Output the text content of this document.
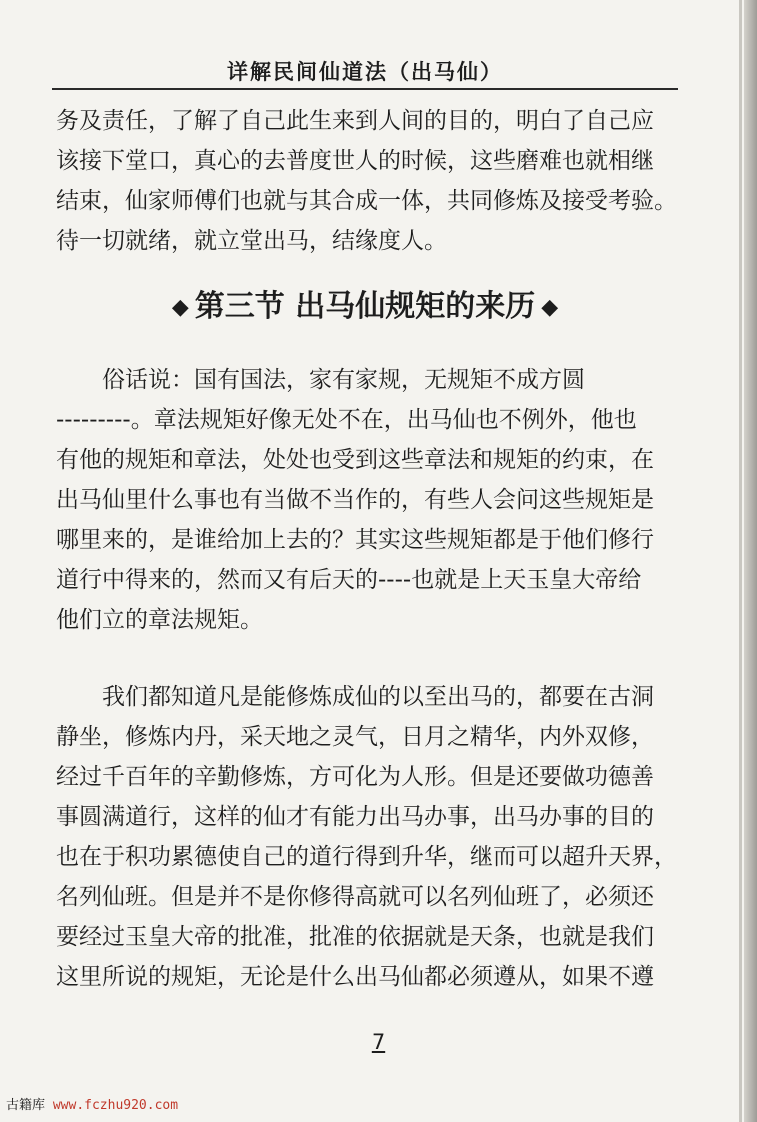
详解民间仙道法（出马仙）
务及责任，了解了自己此生来到人间的目的，明白了自己应
该接下堂口，真心的去普度世人的时候，这些磨难也就相继
结束，仙家师傅们也就与其合成一体，共同修炼及接受考验。
待一切就绪，就立堂出马，结缘度人。
◆ 第三节 出马仙规矩的来历 ◆
俗话说：国有国法，家有家规，无规矩不成方圆
---------。章法规矩好像无处不在，出马仙也不例外，他也
有他的规矩和章法，处处也受到这些章法和规矩的约束，在
出马仙里什么事也有当做不当作的，有些人会问这些规矩是
哪里来的，是谁给加上去的？其实这些规矩都是于他们修行
道行中得来的，然而又有后天的----也就是上天玉皇大帝给
他们立的章法规矩。
我们都知道凡是能修炼成仙的以至出马的，都要在古洞
静坐，修炼内丹，采天地之灵气，日月之精华，内外双修，
经过千百年的辛勤修炼，方可化为人形。但是还要做功德善
事圆满道行，这样的仙才有能力出马办事，出马办事的目的
也在于积功累德使自己的道行得到升华，继而可以超升天界，
名列仙班。但是并不是你修得高就可以名列仙班了，必须还
要经过玉皇大帝的批准，批准的依据就是天条，也就是我们
这里所说的规矩，无论是什么出马仙都必须遵从，如果不遵
7
古籍库 www.fczhu920.com
